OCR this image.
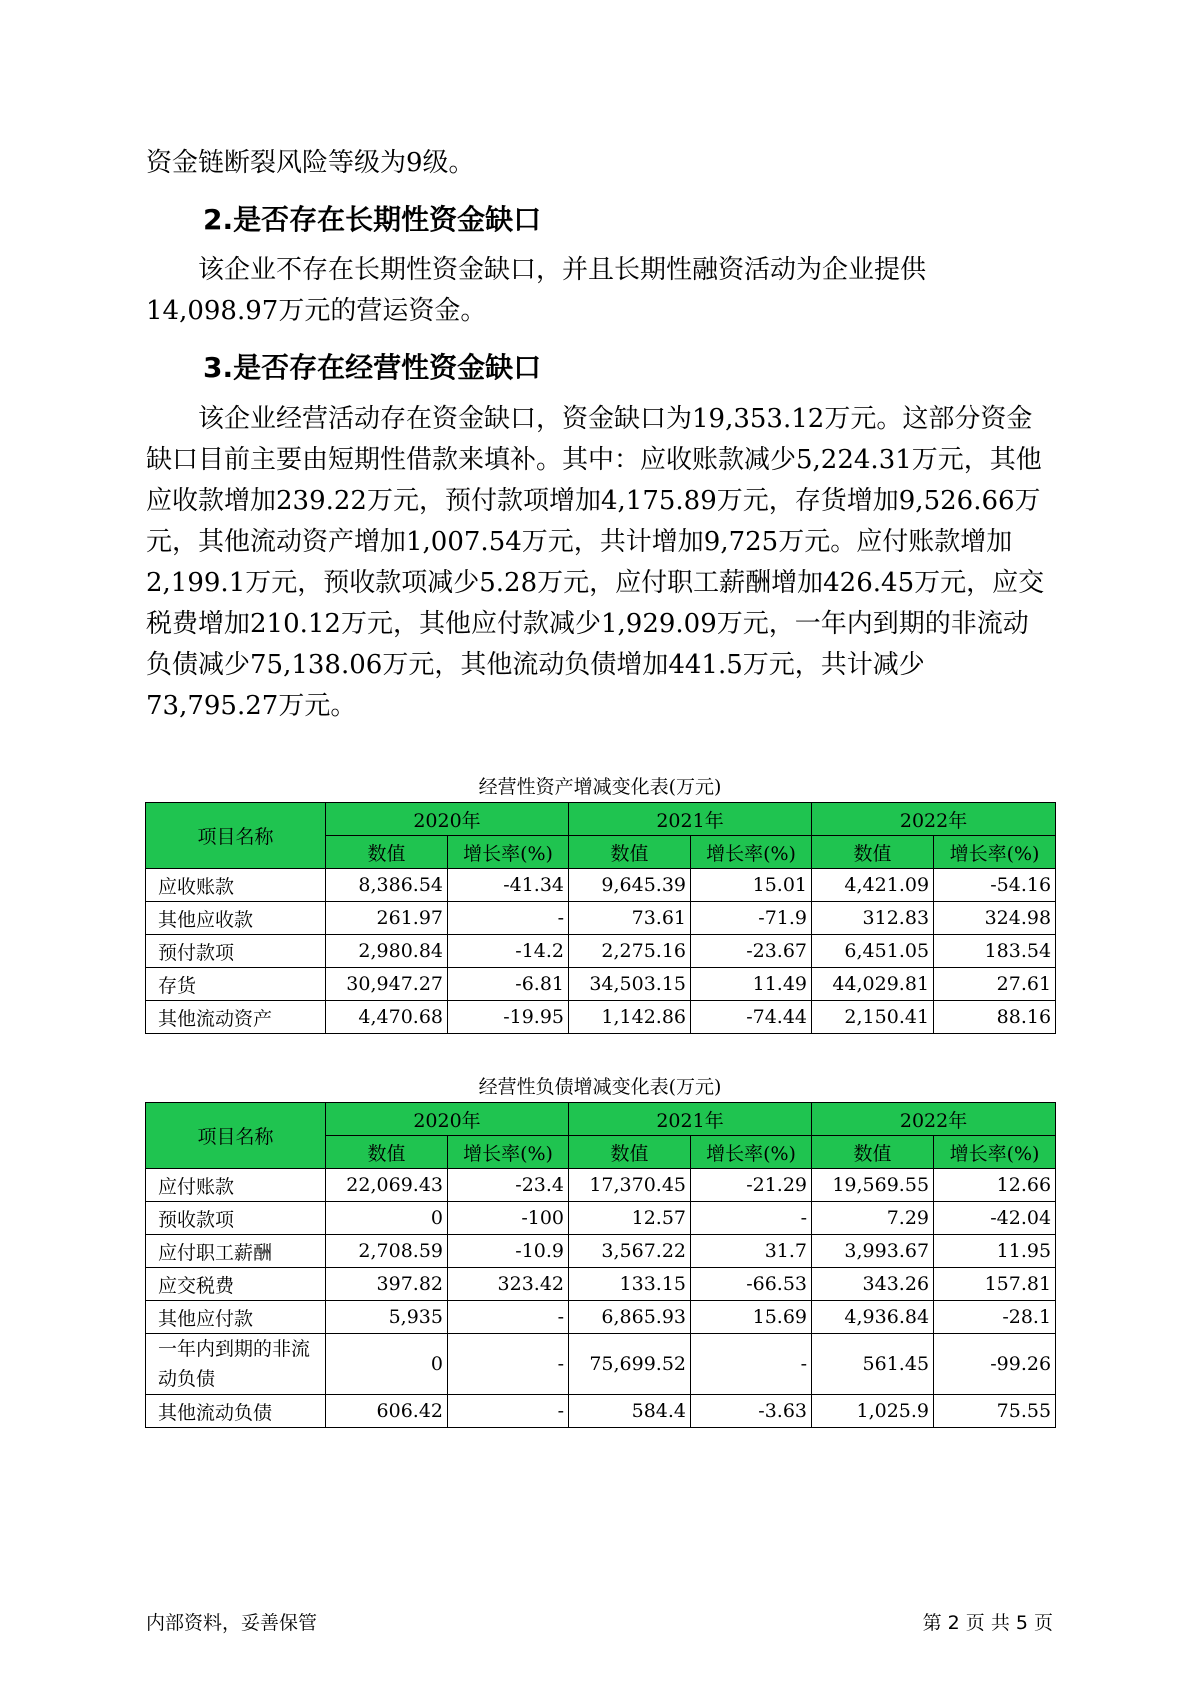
资金链断裂风险等级为9级。

2.是否存在长期性资金缺口

该企业不存在长期性资金缺口，并且长期性融资活动为企业提供14,098.97万元的营运资金。

3.是否存在经营性资金缺口

该企业经营活动存在资金缺口，资金缺口为19,353.12万元。这部分资金缺口目前主要由短期性借款来填补。其中：应收账款减少5,224.31万元，其他应收款增加239.22万元，预付款项增加4,175.89万元，存货增加9,526.66万元，其他流动资产增加1,007.54万元，共计增加9,725万元。应付账款增加2,199.1万元，预收款项减少5.28万元，应付职工薪酬增加426.45万元，应交税费增加210.12万元，其他应付款减少1,929.09万元，一年内到期的非流动负债减少75,138.06万元，其他流动负债增加441.5万元，共计减少73,795.27万元。

经营性资产增减变化表(万元)

项目名称	2020年		2021年		2022年	
	数值	增长率(%)	数值	增长率(%)	数值	增长率(%)
应收账款	8,386.54	-41.34	9,645.39	15.01	4,421.09	-54.16
其他应收款	261.97	-	73.61	-71.9	312.83	324.98
预付款项	2,980.84	-14.2	2,275.16	-23.67	6,451.05	183.54
存货	30,947.27	-6.81	34,503.15	11.49	44,029.81	27.61
其他流动资产	4,470.68	-19.95	1,142.86	-74.44	2,150.41	88.16

经营性负债增减变化表(万元)

项目名称	2020年		2021年		2022年	
	数值	增长率(%)	数值	增长率(%)	数值	增长率(%)
应付账款	22,069.43	-23.4	17,370.45	-21.29	19,569.55	12.66
预收款项	0	-100	12.57	-	7.29	-42.04
应付职工薪酬	2,708.59	-10.9	3,567.22	31.7	3,993.67	11.95
应交税费	397.82	323.42	133.15	-66.53	343.26	157.81
其他应付款	5,935	-	6,865.93	15.69	4,936.84	-28.1
一年内到期的非流动负债	0	-	75,699.52	-	561.45	-99.26
其他流动负债	606.42	-	584.4	-3.63	1,025.9	75.55
内部资料，妥善保管	第 2 页 共 5 页
